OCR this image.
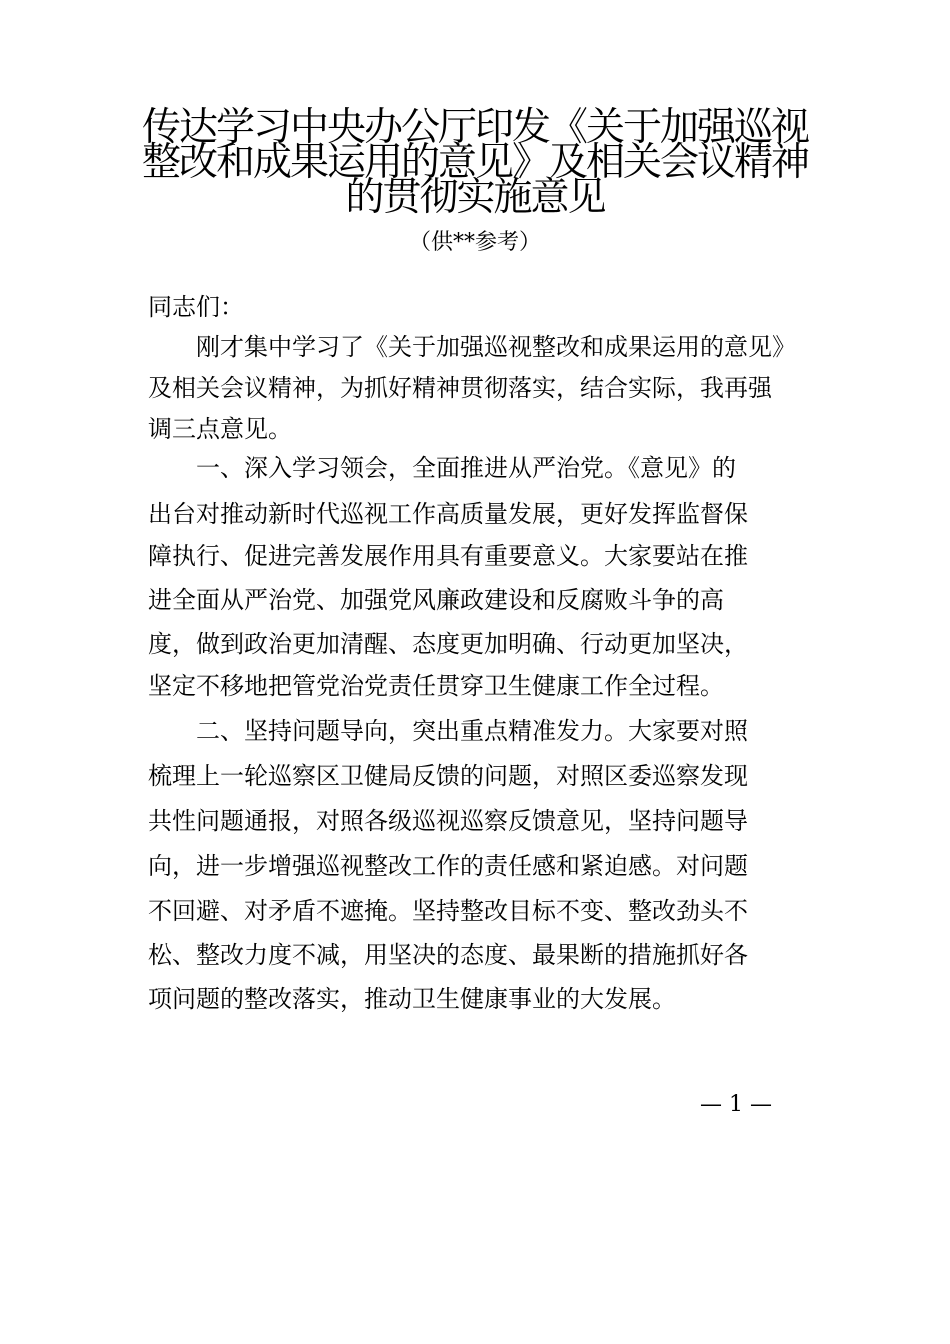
传达学习中央办公厅印发《关于加强巡视
整改和成果运用的意见》及相关会议精神
的贯彻实施意见

（供**参考）

同志们：

　　刚才集中学习了《关于加强巡视整改和成果运用的意见》

及相关会议精神，为抓好精神贯彻落实，结合实际，我再强

调三点意见。

　　一、深入学习领会，全面推进从严治党。《意见》的

出台对推动新时代巡视工作高质量发展，更好发挥监督保

障执行、促进完善发展作用具有重要意义。大家要站在推

进全面从严治党、加强党风廉政建设和反腐败斗争的高

度，做到政治更加清醒、态度更加明确、行动更加坚决，

坚定不移地把管党治党责任贯穿卫生健康工作全过程。

　　二、坚持问题导向，突出重点精准发力。大家要对照

梳理上一轮巡察区卫健局反馈的问题，对照区委巡察发现

共性问题通报，对照各级巡视巡察反馈意见，坚持问题导

向，进一步增强巡视整改工作的责任感和紧迫感。对问题

不回避、对矛盾不遮掩。坚持整改目标不变、整改劲头不

松、整改力度不减，用坚决的态度、最果断的措施抓好各

项问题的整改落实，推动卫生健康事业的大发展。

— 1 —
